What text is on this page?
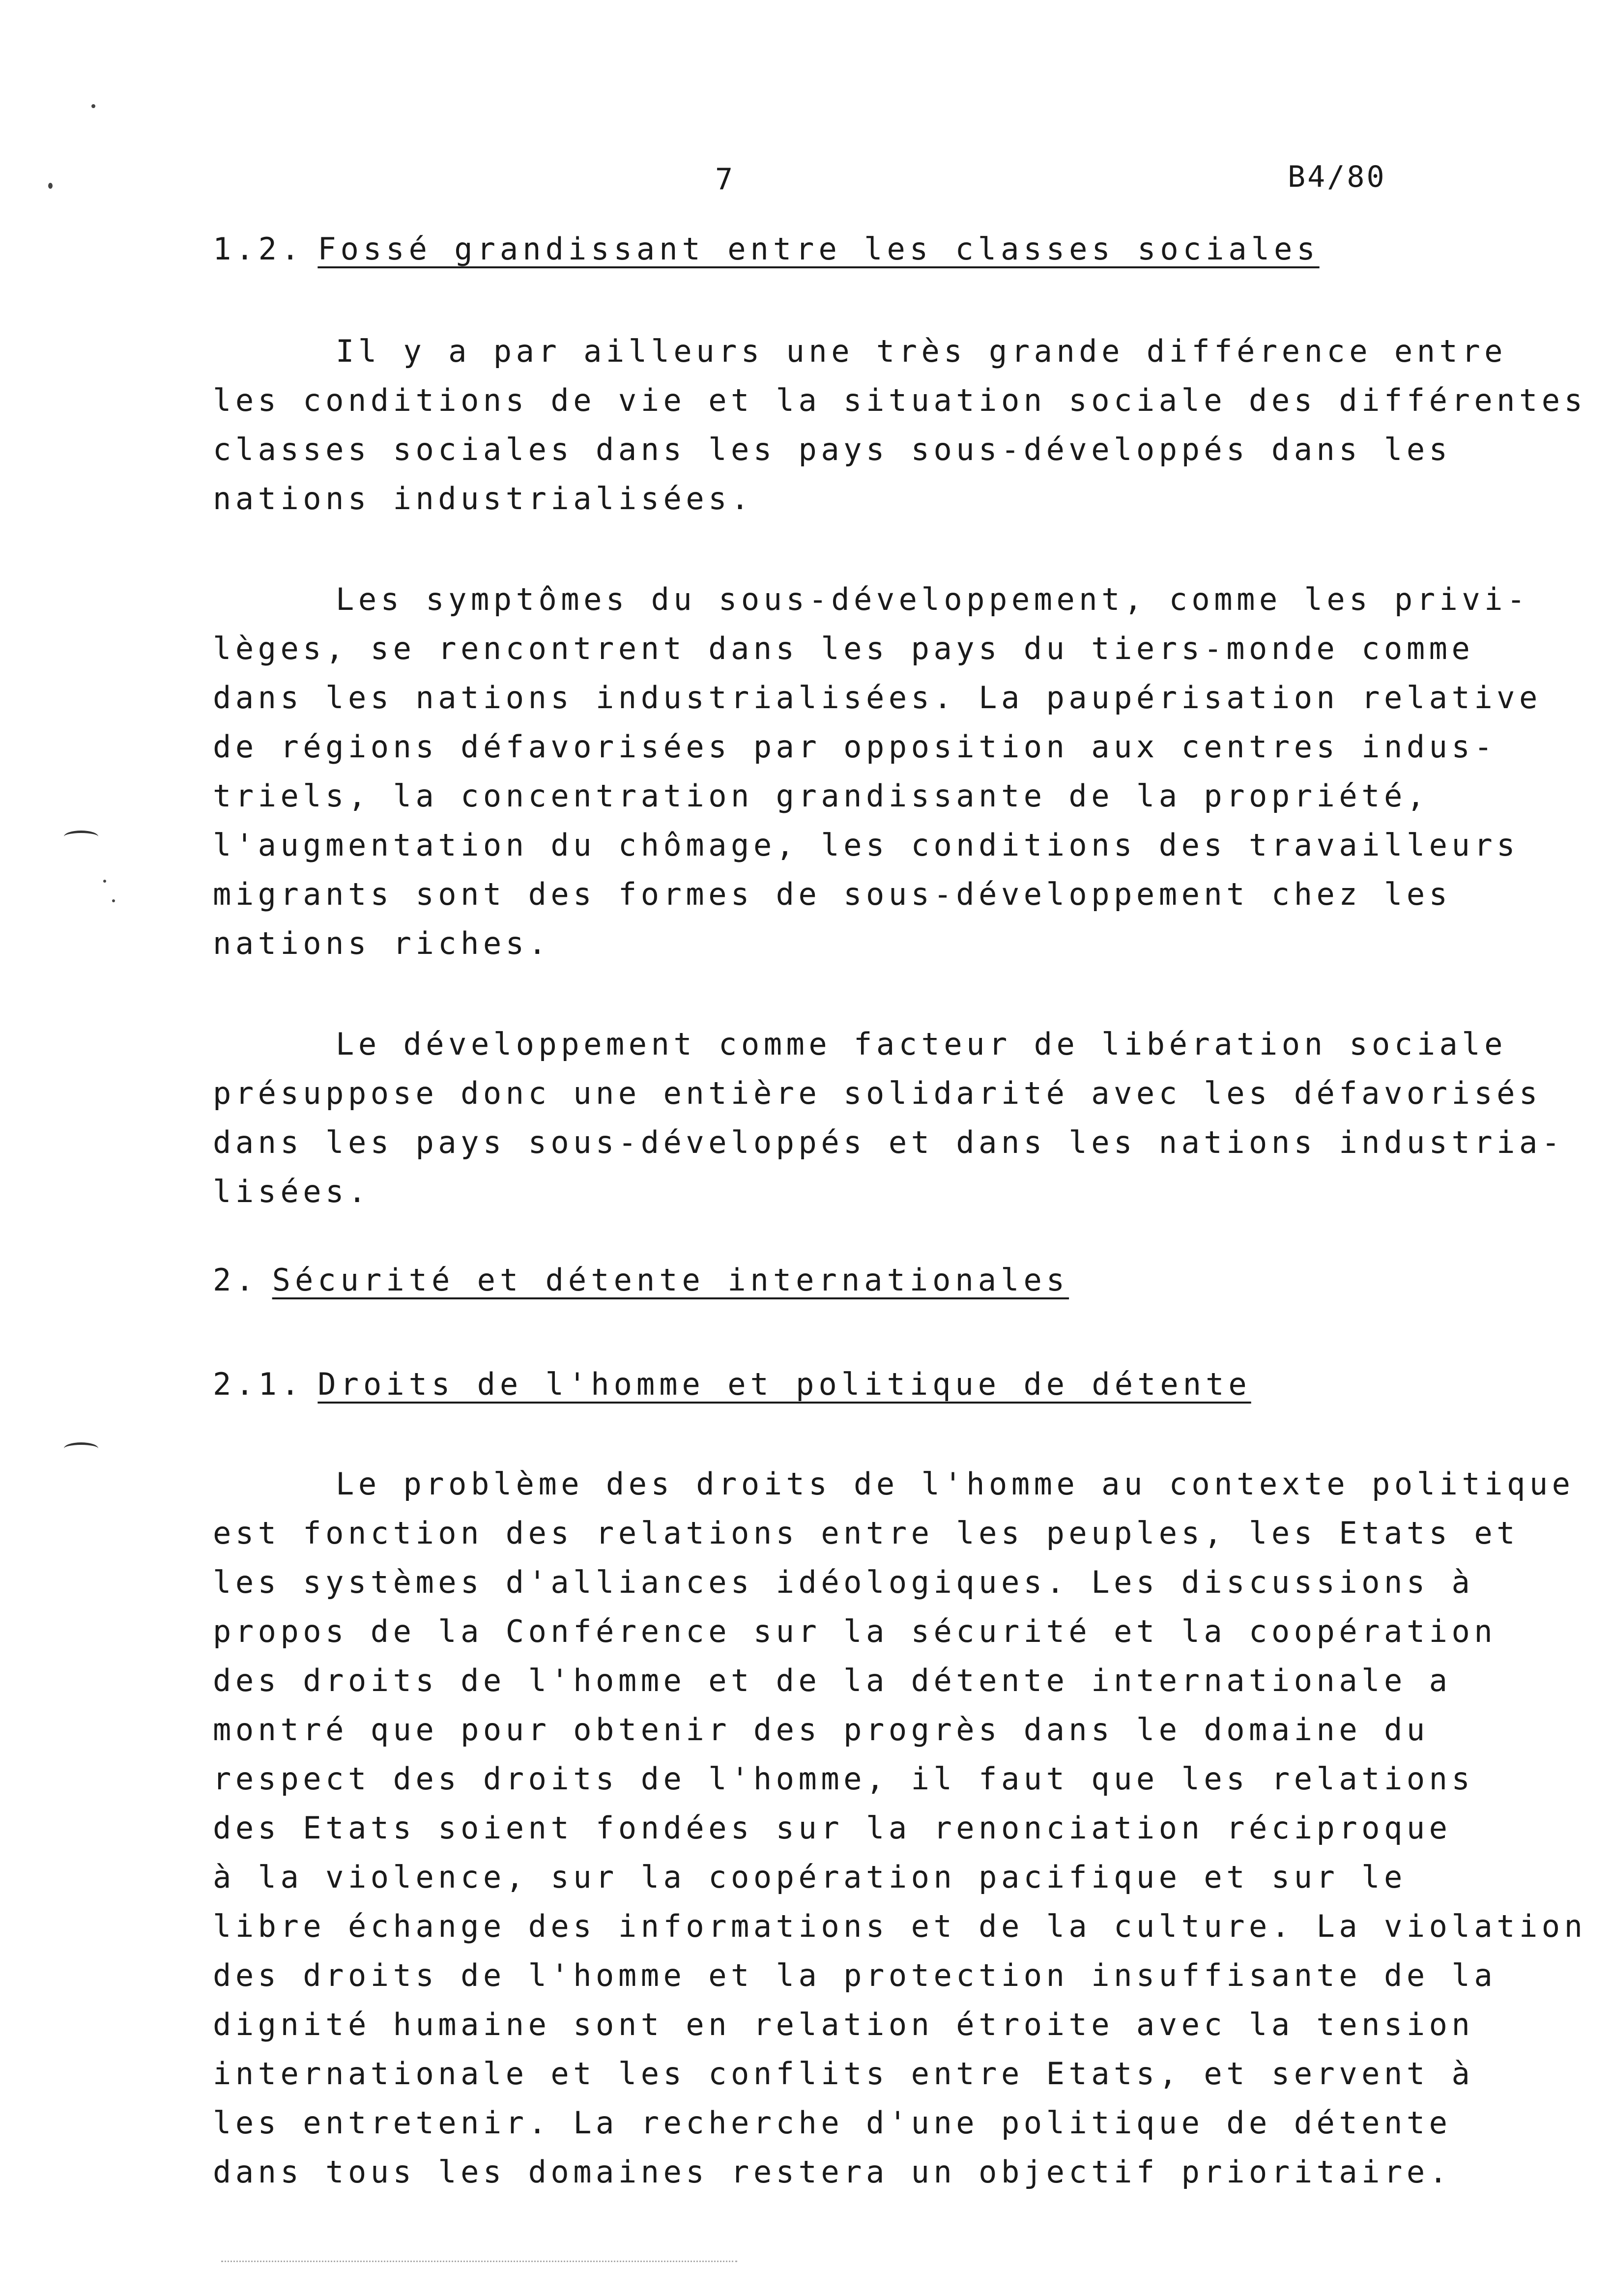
7	B4/80
1.2. Fossé grandissant entre les classes sociales
Il y a par ailleurs une très grande différence entre
les conditions de vie et la situation sociale des différentes
classes sociales dans les pays sous-développés dans les
nations industrialisées.
Les symptômes du sous-développement, comme les privi-
lèges, se rencontrent dans les pays du tiers-monde comme
dans les nations industrialisées. La paupérisation relative
de régions défavorisées par opposition aux centres indus-
triels, la concentration grandissante de la propriété,
l'augmentation du chômage, les conditions des travailleurs
migrants sont des formes de sous-développement chez les
nations riches.
Le développement comme facteur de libération sociale
présuppose donc une entière solidarité avec les défavorisés
dans les pays sous-développés et dans les nations industria-
lisées.
2. Sécurité et détente internationales
2.1. Droits de l'homme et politique de détente
Le problème des droits de l'homme au contexte politique
est fonction des relations entre les peuples, les Etats et
les systèmes d'alliances idéologiques. Les discussions à
propos de la Conférence sur la sécurité et la coopération
des droits de l'homme et de la détente internationale a
montré que pour obtenir des progrès dans le domaine du
respect des droits de l'homme, il faut que les relations
des Etats soient fondées sur la renonciation réciproque
à la violence, sur la coopération pacifique et sur le
libre échange des informations et de la culture. La violation
des droits de l'homme et la protection insuffisante de la
dignité humaine sont en relation étroite avec la tension
internationale et les conflits entre Etats, et servent à
les entretenir. La recherche d'une politique de détente
dans tous les domaines restera un objectif prioritaire.
